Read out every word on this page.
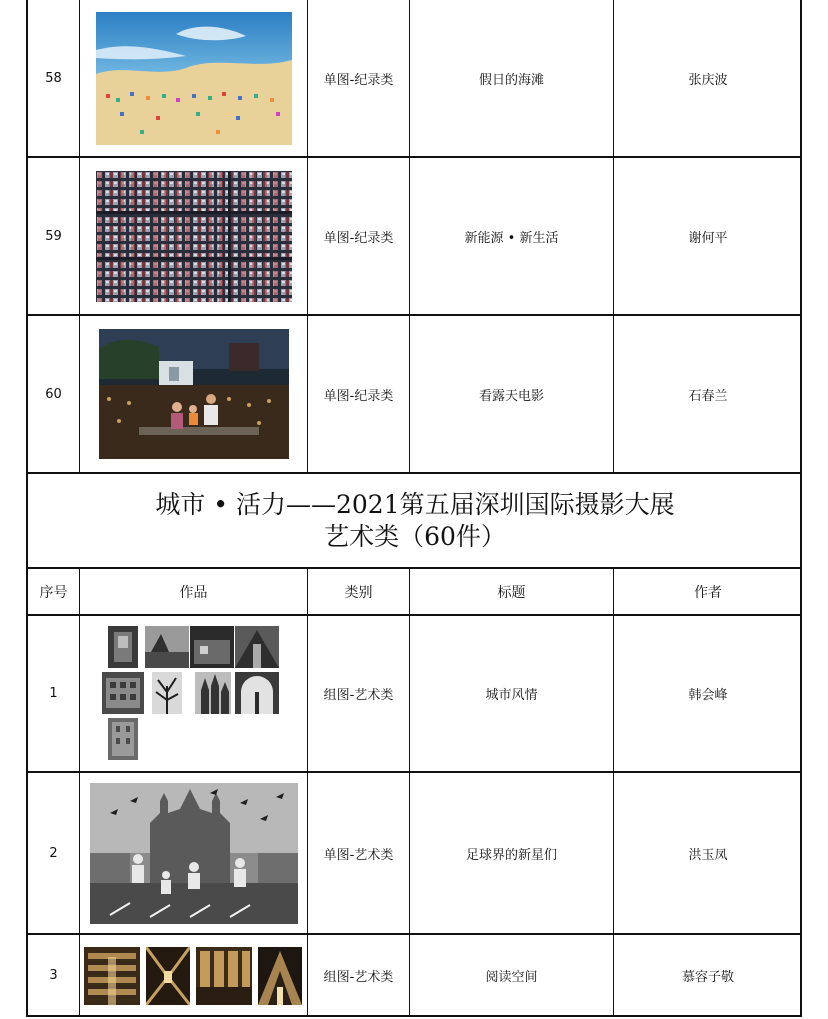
58	单图-纪录类	假日的海滩	张庆波
59	单图-纪录类	新能源 • 新生活	谢何平
60	单图-纪录类	看露天电影	石春兰
城市 • 活力——2021第五届深圳国际摄影大展
艺术类（60件）
序号	作品	类别	标题	作者
1	组图-艺术类	城市风情	韩会峰
2	单图-艺术类	足球界的新星们	洪玉凤
3	组图-艺术类	阅读空间	慕容子敬
